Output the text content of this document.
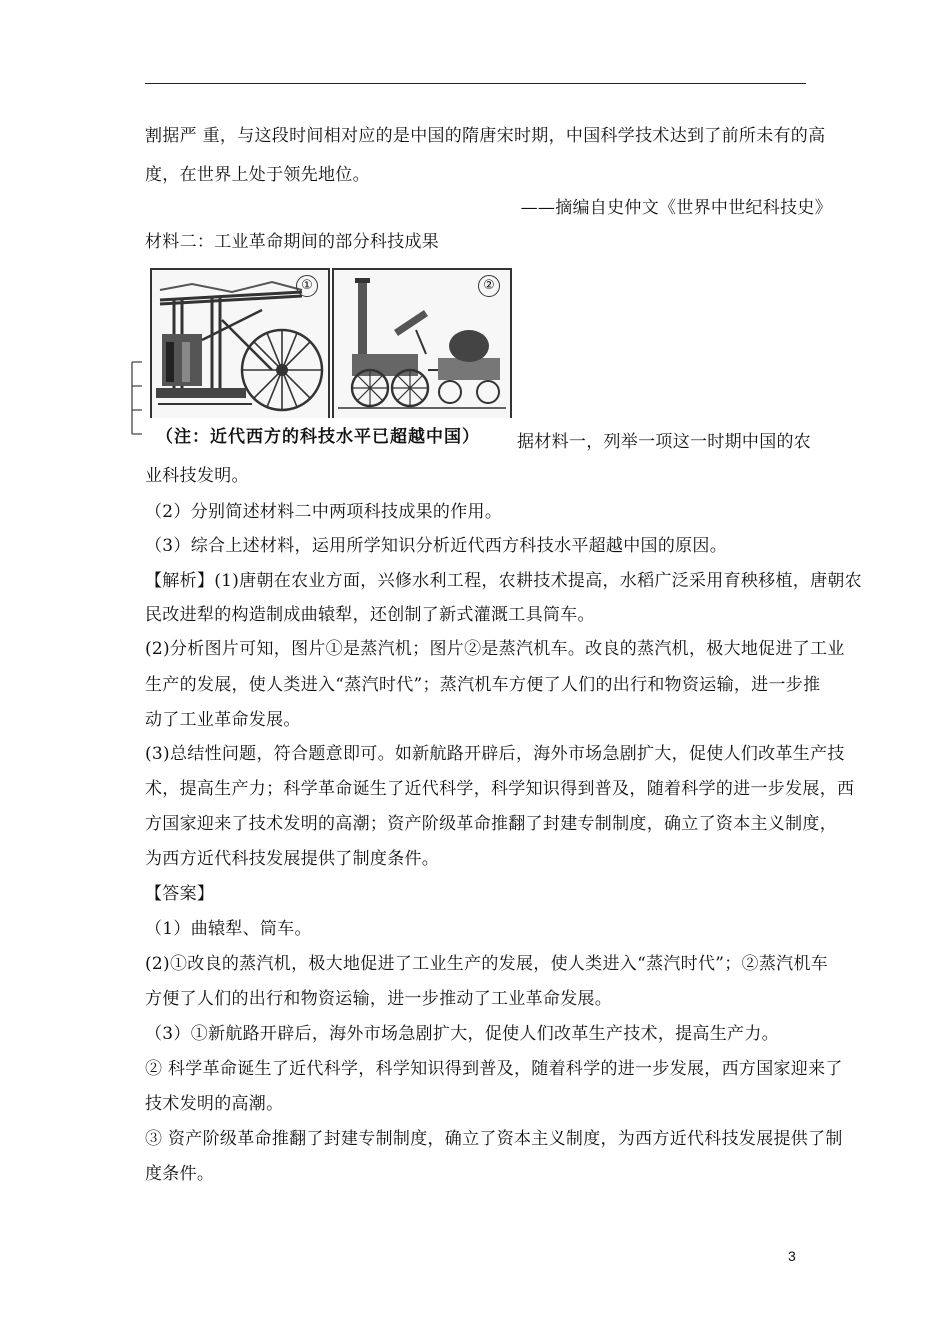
割据严 重，与这段时间相对应的是中国的隋唐宋时期，中国科学技术达到了前所未有的高
度，在世界上处于领先地位。
——摘编自史仲文《世界中世纪科技史》
材料二：工业革命期间的部分科技成果
①	②
（注：近代西方的科技水平已超越中国）	据材料一，列举一项这一时期中国的农
业科技发明。
（2）分别简述材料二中两项科技成果的作用。
（3）综合上述材料，运用所学知识分析近代西方科技水平超越中国的原因。
【解析】(1)唐朝在农业方面，兴修水利工程，农耕技术提高，水稻广泛采用育秧移植，唐朝农
民改进犁的构造制成曲辕犁，还创制了新式灌溉工具筒车。
(2)分析图片可知，图片①是蒸汽机；图片②是蒸汽机车。改良的蒸汽机，极大地促进了工业
生产的发展，使人类进入“蒸汽时代”；蒸汽机车方便了人们的出行和物资运输，进一步推
动了工业革命发展。
(3)总结性问题，符合题意即可。如新航路开辟后，海外市场急剧扩大，促使人们改革生产技
术，提高生产力；科学革命诞生了近代科学，科学知识得到普及，随着科学的进一步发展，西
方国家迎来了技术发明的高潮；资产阶级革命推翻了封建专制制度，确立了资本主义制度，
为西方近代科技发展提供了制度条件。
【答案】
（1）曲辕犁、筒车。
(2)①改良的蒸汽机，极大地促进了工业生产的发展，使人类进入“蒸汽时代”；②蒸汽机车
方便了人们的出行和物资运输，进一步推动了工业革命发展。
（3）①新航路开辟后，海外市场急剧扩大，促使人们改革生产技术，提高生产力。
② 科学革命诞生了近代科学，科学知识得到普及，随着科学的进一步发展，西方国家迎来了
技术发明的高潮。
③ 资产阶级革命推翻了封建专制制度，确立了资本主义制度，为西方近代科技发展提供了制
度条件。
3
